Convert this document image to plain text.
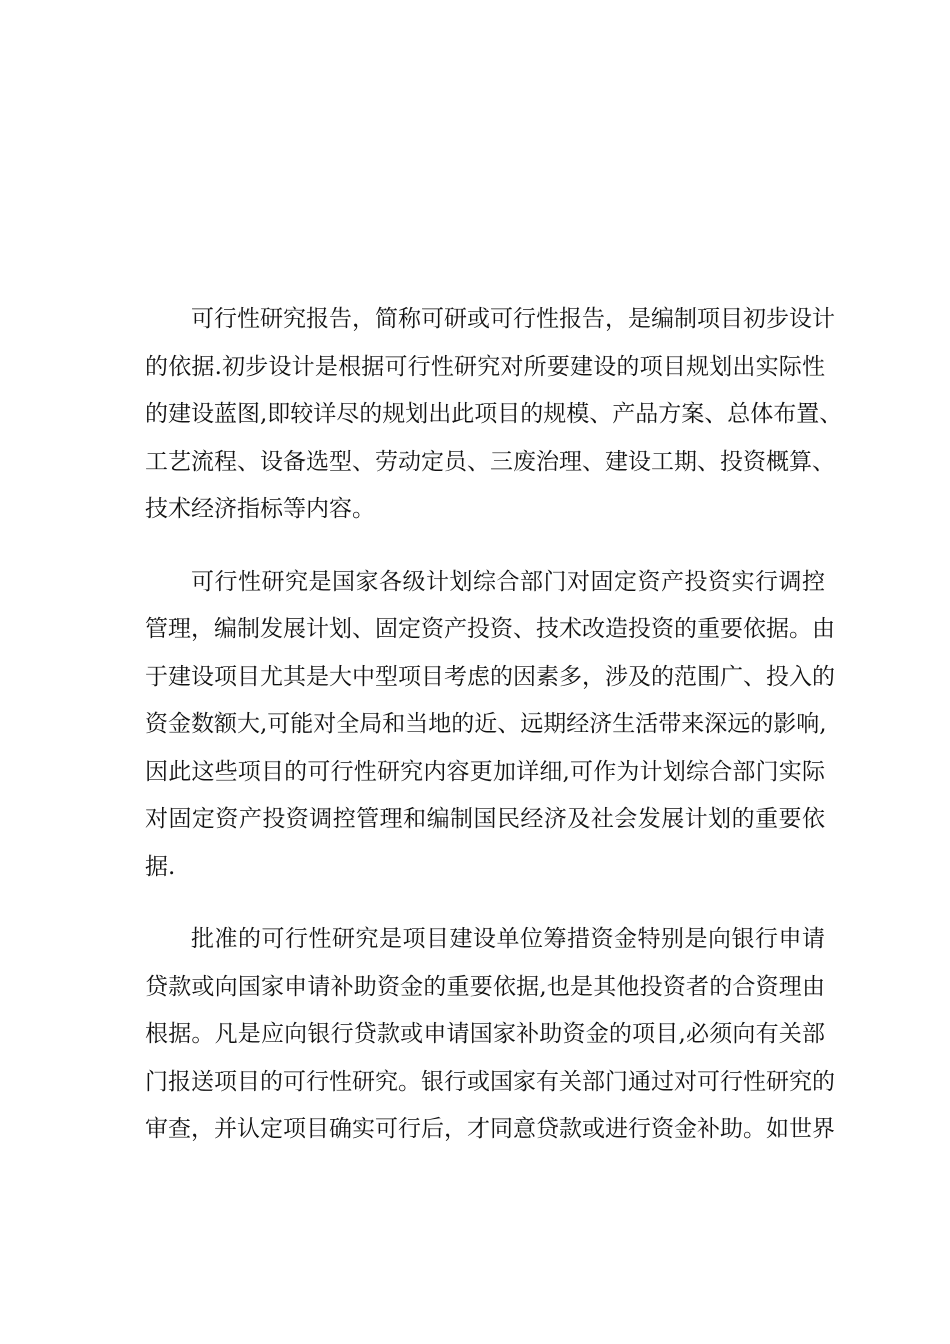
可行性研究报告，简称可研或可行性报告，是编制项目初步设计
的依据.初步设计是根据可行性研究对所要建设的项目规划出实际性
的建设蓝图,即较详尽的规划出此项目的规模、产品方案、总体布置、
工艺流程、设备选型、劳动定员、三废治理、建设工期、投资概算、
技术经济指标等内容。
可行性研究是国家各级计划综合部门对固定资产投资实行调控
管理，编制发展计划、固定资产投资、技术改造投资的重要依据。由
于建设项目尤其是大中型项目考虑的因素多，涉及的范围广、投入的
资金数额大,可能对全局和当地的近、远期经济生活带来深远的影响,
因此这些项目的可行性研究内容更加详细,可作为计划综合部门实际
对固定资产投资调控管理和编制国民经济及社会发展计划的重要依
据.
批准的可行性研究是项目建设单位筹措资金特别是向银行申请
贷款或向国家申请补助资金的重要依据,也是其他投资者的合资理由
根据。凡是应向银行贷款或申请国家补助资金的项目,必须向有关部
门报送项目的可行性研究。银行或国家有关部门通过对可行性研究的
审查，并认定项目确实可行后，才同意贷款或进行资金补助。如世界
